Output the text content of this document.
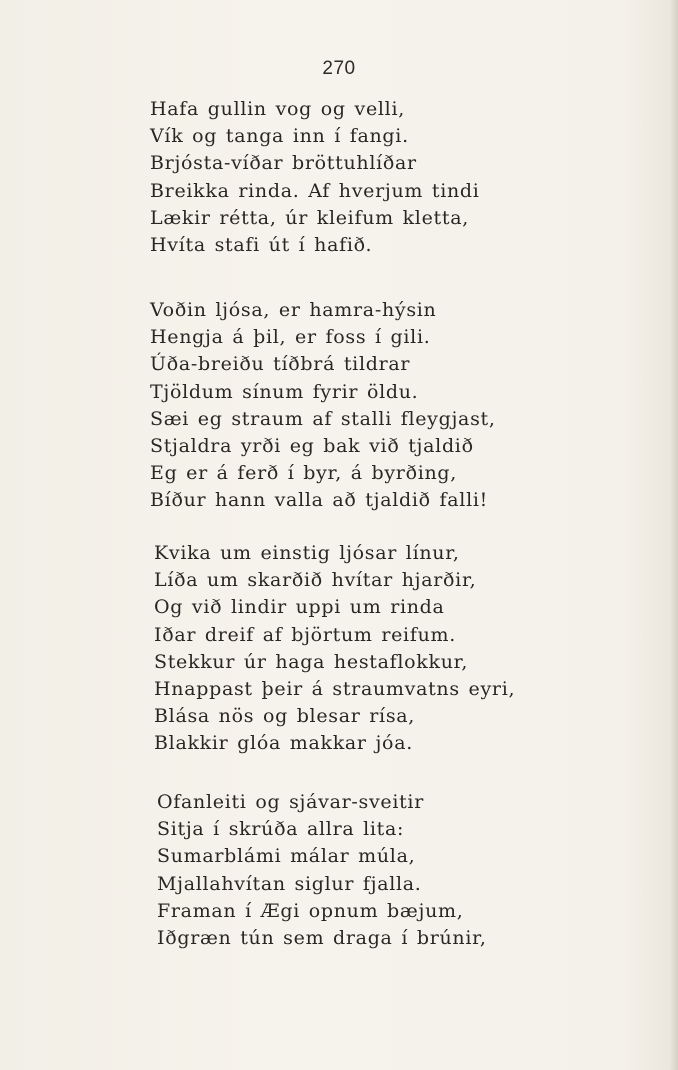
270
Hafa gullin vog og velli,
Vík og tanga inn í fangi.
Brjósta-víðar bröttuhlíðar
Breikka rinda. Af hverjum tindi
Lækir rétta, úr kleifum kletta,
Hvíta stafi út í hafið.
Voðin ljósa, er hamra-hýsin
Hengja á þil, er foss í gili.
Úða-breiðu tíðbrá tildrar
Tjöldum sínum fyrir öldu.
Sæi eg straum af stalli fleygjast,
Stjaldra yrði eg bak við tjaldið
Eg er á ferð í byr, á byrðing,
Bíður hann valla að tjaldið falli!
Kvika um einstig ljósar línur,
Líða um skarðið hvítar hjarðir,
Og við lindir uppi um rinda
Iðar dreif af björtum reifum.
Stekkur úr haga hestaflokkur,
Hnappast þeir á straumvatns eyri,
Blása nös og blesar rísa,
Blakkir glóa makkar jóa.
Ofanleiti og sjávar-sveitir
Sitja í skrúða allra lita:
Sumarblámi málar múla,
Mjallahvítan siglur fjalla.
Framan í Ægi opnum bæjum,
Iðgræn tún sem draga í brúnir,
